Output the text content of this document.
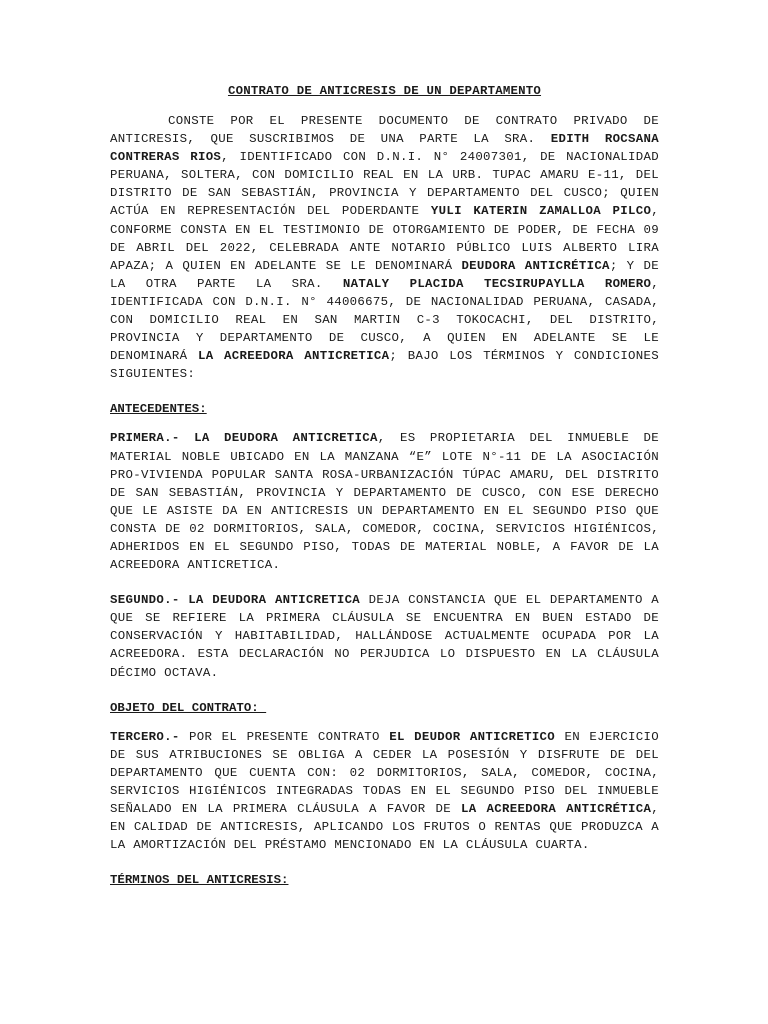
CONTRATO DE ANTICRESIS DE UN DEPARTAMENTO

CONSTE POR EL PRESENTE DOCUMENTO DE CONTRATO PRIVADO DE ANTICRESIS, QUE SUSCRIBIMOS DE UNA PARTE LA SRA. EDITH ROCSANA CONTRERAS RIOS, IDENTIFICADO CON D.N.I. N° 24007301, DE NACIONALIDAD PERUANA, SOLTERA, CON DOMICILIO REAL EN LA URB. TUPAC AMARU E-11, DEL DISTRITO DE SAN SEBASTIÁN, PROVINCIA Y DEPARTAMENTO DEL CUSCO; QUIEN ACTÚA EN REPRESENTACIÓN DEL PODERDANTE YULI KATERIN ZAMALLOA PILCO, CONFORME CONSTA EN EL TESTIMONIO DE OTORGAMIENTO DE PODER, DE FECHA 09 DE ABRIL DEL 2022, CELEBRADA ANTE NOTARIO PÚBLICO LUIS ALBERTO LIRA APAZA; A QUIEN EN ADELANTE SE LE DENOMINARÁ DEUDORA ANTICRÉTICA; Y DE LA OTRA PARTE LA SRA. NATALY PLACIDA TECSIRUPAYLLA ROMERO, IDENTIFICADA CON D.N.I. N° 44006675, DE NACIONALIDAD PERUANA, CASADA, CON DOMICILIO REAL EN SAN MARTIN C-3 TOKOCACHI, DEL DISTRITO, PROVINCIA Y DEPARTAMENTO DE CUSCO, A QUIEN EN ADELANTE SE LE DENOMINARÁ LA ACREEDORA ANTICRETICA; BAJO LOS TÉRMINOS Y CONDICIONES SIGUIENTES:

ANTECEDENTES:

PRIMERA.- LA DEUDORA ANTICRETICA, ES PROPIETARIA DEL INMUEBLE DE MATERIAL NOBLE UBICADO EN LA MANZANA “E” LOTE N°-11 DE LA ASOCIACIÓN PRO-VIVIENDA POPULAR SANTA ROSA-URBANIZACIÓN TÚPAC AMARU, DEL DISTRITO DE SAN SEBASTIÁN, PROVINCIA Y DEPARTAMENTO DE CUSCO, CON ESE DERECHO QUE LE ASISTE DA EN ANTICRESIS UN DEPARTAMENTO EN EL SEGUNDO PISO QUE CONSTA DE 02 DORMITORIOS, SALA, COMEDOR, COCINA, SERVICIOS HIGIÉNICOS, ADHERIDOS EN EL SEGUNDO PISO, TODAS DE MATERIAL NOBLE, A FAVOR DE LA ACREEDORA ANTICRETICA.

SEGUNDO.- LA DEUDORA ANTICRETICA DEJA CONSTANCIA QUE EL DEPARTAMENTO A QUE SE REFIERE LA PRIMERA CLÁUSULA SE ENCUENTRA EN BUEN ESTADO DE CONSERVACIÓN Y HABITABILIDAD, HALLÁNDOSE ACTUALMENTE OCUPADA POR LA ACREEDORA. ESTA DECLARACIÓN NO PERJUDICA LO DISPUESTO EN LA CLÁUSULA DÉCIMO OCTAVA.

OBJETO DEL CONTRATO:

TERCERO.- POR EL PRESENTE CONTRATO EL DEUDOR ANTICRETICO EN EJERCICIO DE SUS ATRIBUCIONES SE OBLIGA A CEDER LA POSESIÓN Y DISFRUTE DE DEL DEPARTAMENTO QUE CUENTA CON: 02 DORMITORIOS, SALA, COMEDOR, COCINA, SERVICIOS HIGIÉNICOS INTEGRADAS TODAS EN EL SEGUNDO PISO DEL INMUEBLE SEÑALADO EN LA PRIMERA CLÁUSULA A FAVOR DE LA ACREEDORA ANTICRÉTICA, EN CALIDAD DE ANTICRESIS, APLICANDO LOS FRUTOS O RENTAS QUE PRODUZCA A LA AMORTIZACIÓN DEL PRÉSTAMO MENCIONADO EN LA CLÁUSULA CUARTA.

TÉRMINOS DEL ANTICRESIS:
